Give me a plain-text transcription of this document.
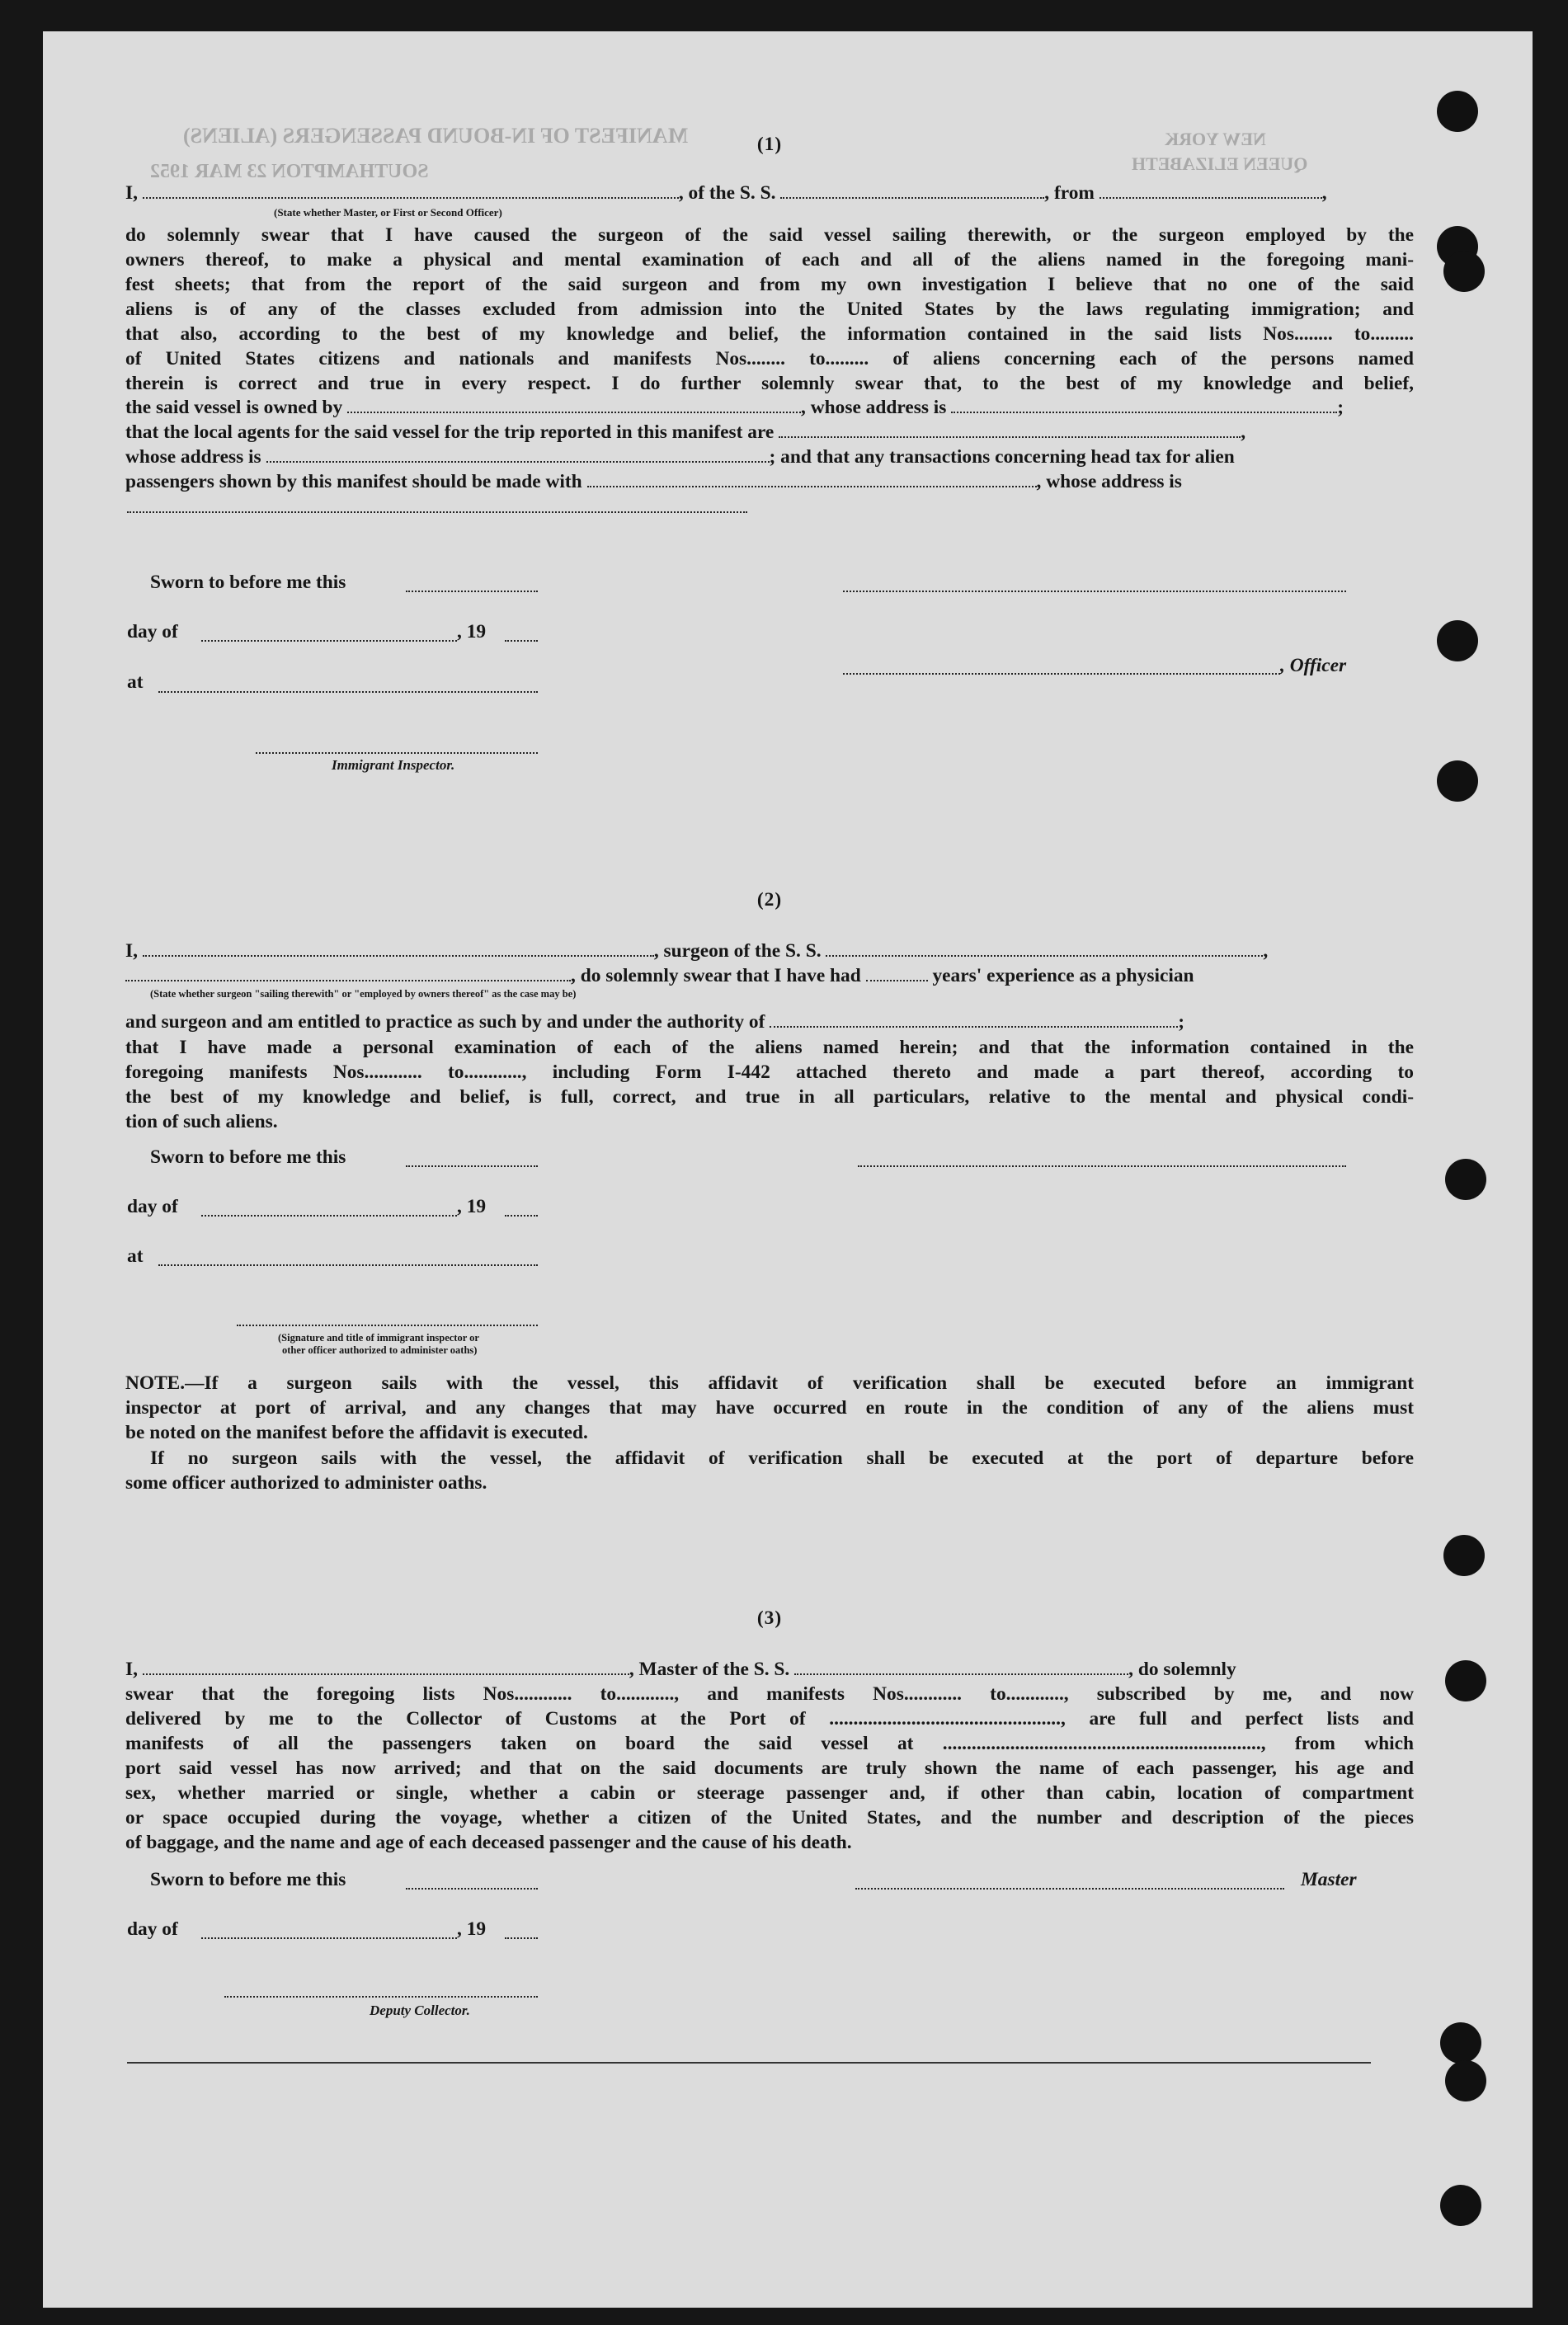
MANIFEST OF IN-BOUND PASSENGERS (ALIENS)
SOUTHAMPTON 23 MAR 1952	QUEEN ELIZABETH
NEW YORK
(1)
I,	, of the S. S.	, from	,
(State whether Master, or First or Second Officer)
do solemnly swear that I have caused the surgeon of the said vessel sailing therewith, or the surgeon employed by the
owners thereof, to make a physical and mental examination of each and all of the aliens named in the foregoing mani-
fest sheets; that from the report of the said surgeon and from my own investigation I believe that no one of the said
aliens is of any of the classes excluded from admission into the United States by the laws regulating immigration; and
that also, according to the best of my knowledge and belief, the information contained in the said lists Nos........ to.........
of United States citizens and nationals and manifests Nos........ to......... of aliens concerning each of the persons named
therein is correct and true in every respect. I do further solemnly swear that, to the best of my knowledge and belief,
the said vessel is owned by	, whose address is	;
that the local agents for the said vessel for the trip reported in this manifest are	,
whose address is	; and that any transactions concerning head tax for alien
passengers shown by this manifest should be made with	, whose address is
Sworn to before me this
day of	, 19
, Officer
at
Immigrant Inspector.
(2)
I,	, surgeon of the S. S.	,
, do solemnly swear that I have had	years' experience as a physician
(State whether surgeon "sailing therewith" or "employed by owners thereof" as the case may be)
and surgeon and am entitled to practice as such by and under the authority of	;
that I have made a personal examination of each of the aliens named herein; and that the information contained in the
foregoing manifests Nos............ to............, including Form I-442 attached thereto and made a part thereof, according to
the best of my knowledge and belief, is full, correct, and true in all particulars, relative to the mental and physical condi-
tion of such aliens.
Sworn to before me this
day of	, 19
at
(Signature and title of immigrant inspector or
other officer authorized to administer oaths)
NOTE.—If a surgeon sails with the vessel, this affidavit of verification shall be executed before an immigrant
inspector at port of arrival, and any changes that may have occurred en route in the condition of any of the aliens must
be noted on the manifest before the affidavit is executed.
If no surgeon sails with the vessel, the affidavit of verification shall be executed at the port of departure before
some officer authorized to administer oaths.
(3)
I,	, Master of the S. S.	, do solemnly
swear that the foregoing lists Nos............ to............, and manifests Nos............ to............, subscribed by me, and now
delivered by me to the Collector of Customs at the Port of ................................................, are full and perfect lists and
manifests of all the passengers taken on board the said vessel at .................................................................., from which
port said vessel has now arrived; and that on the said documents are truly shown the name of each passenger, his age and
sex, whether married or single, whether a cabin or steerage passenger and, if other than cabin, location of compartment
or space occupied during the voyage, whether a citizen of the United States, and the number and description of the pieces
of baggage, and the name and age of each deceased passenger and the cause of his death.
Sworn to before me this	Master
day of	, 19
Deputy Collector.
